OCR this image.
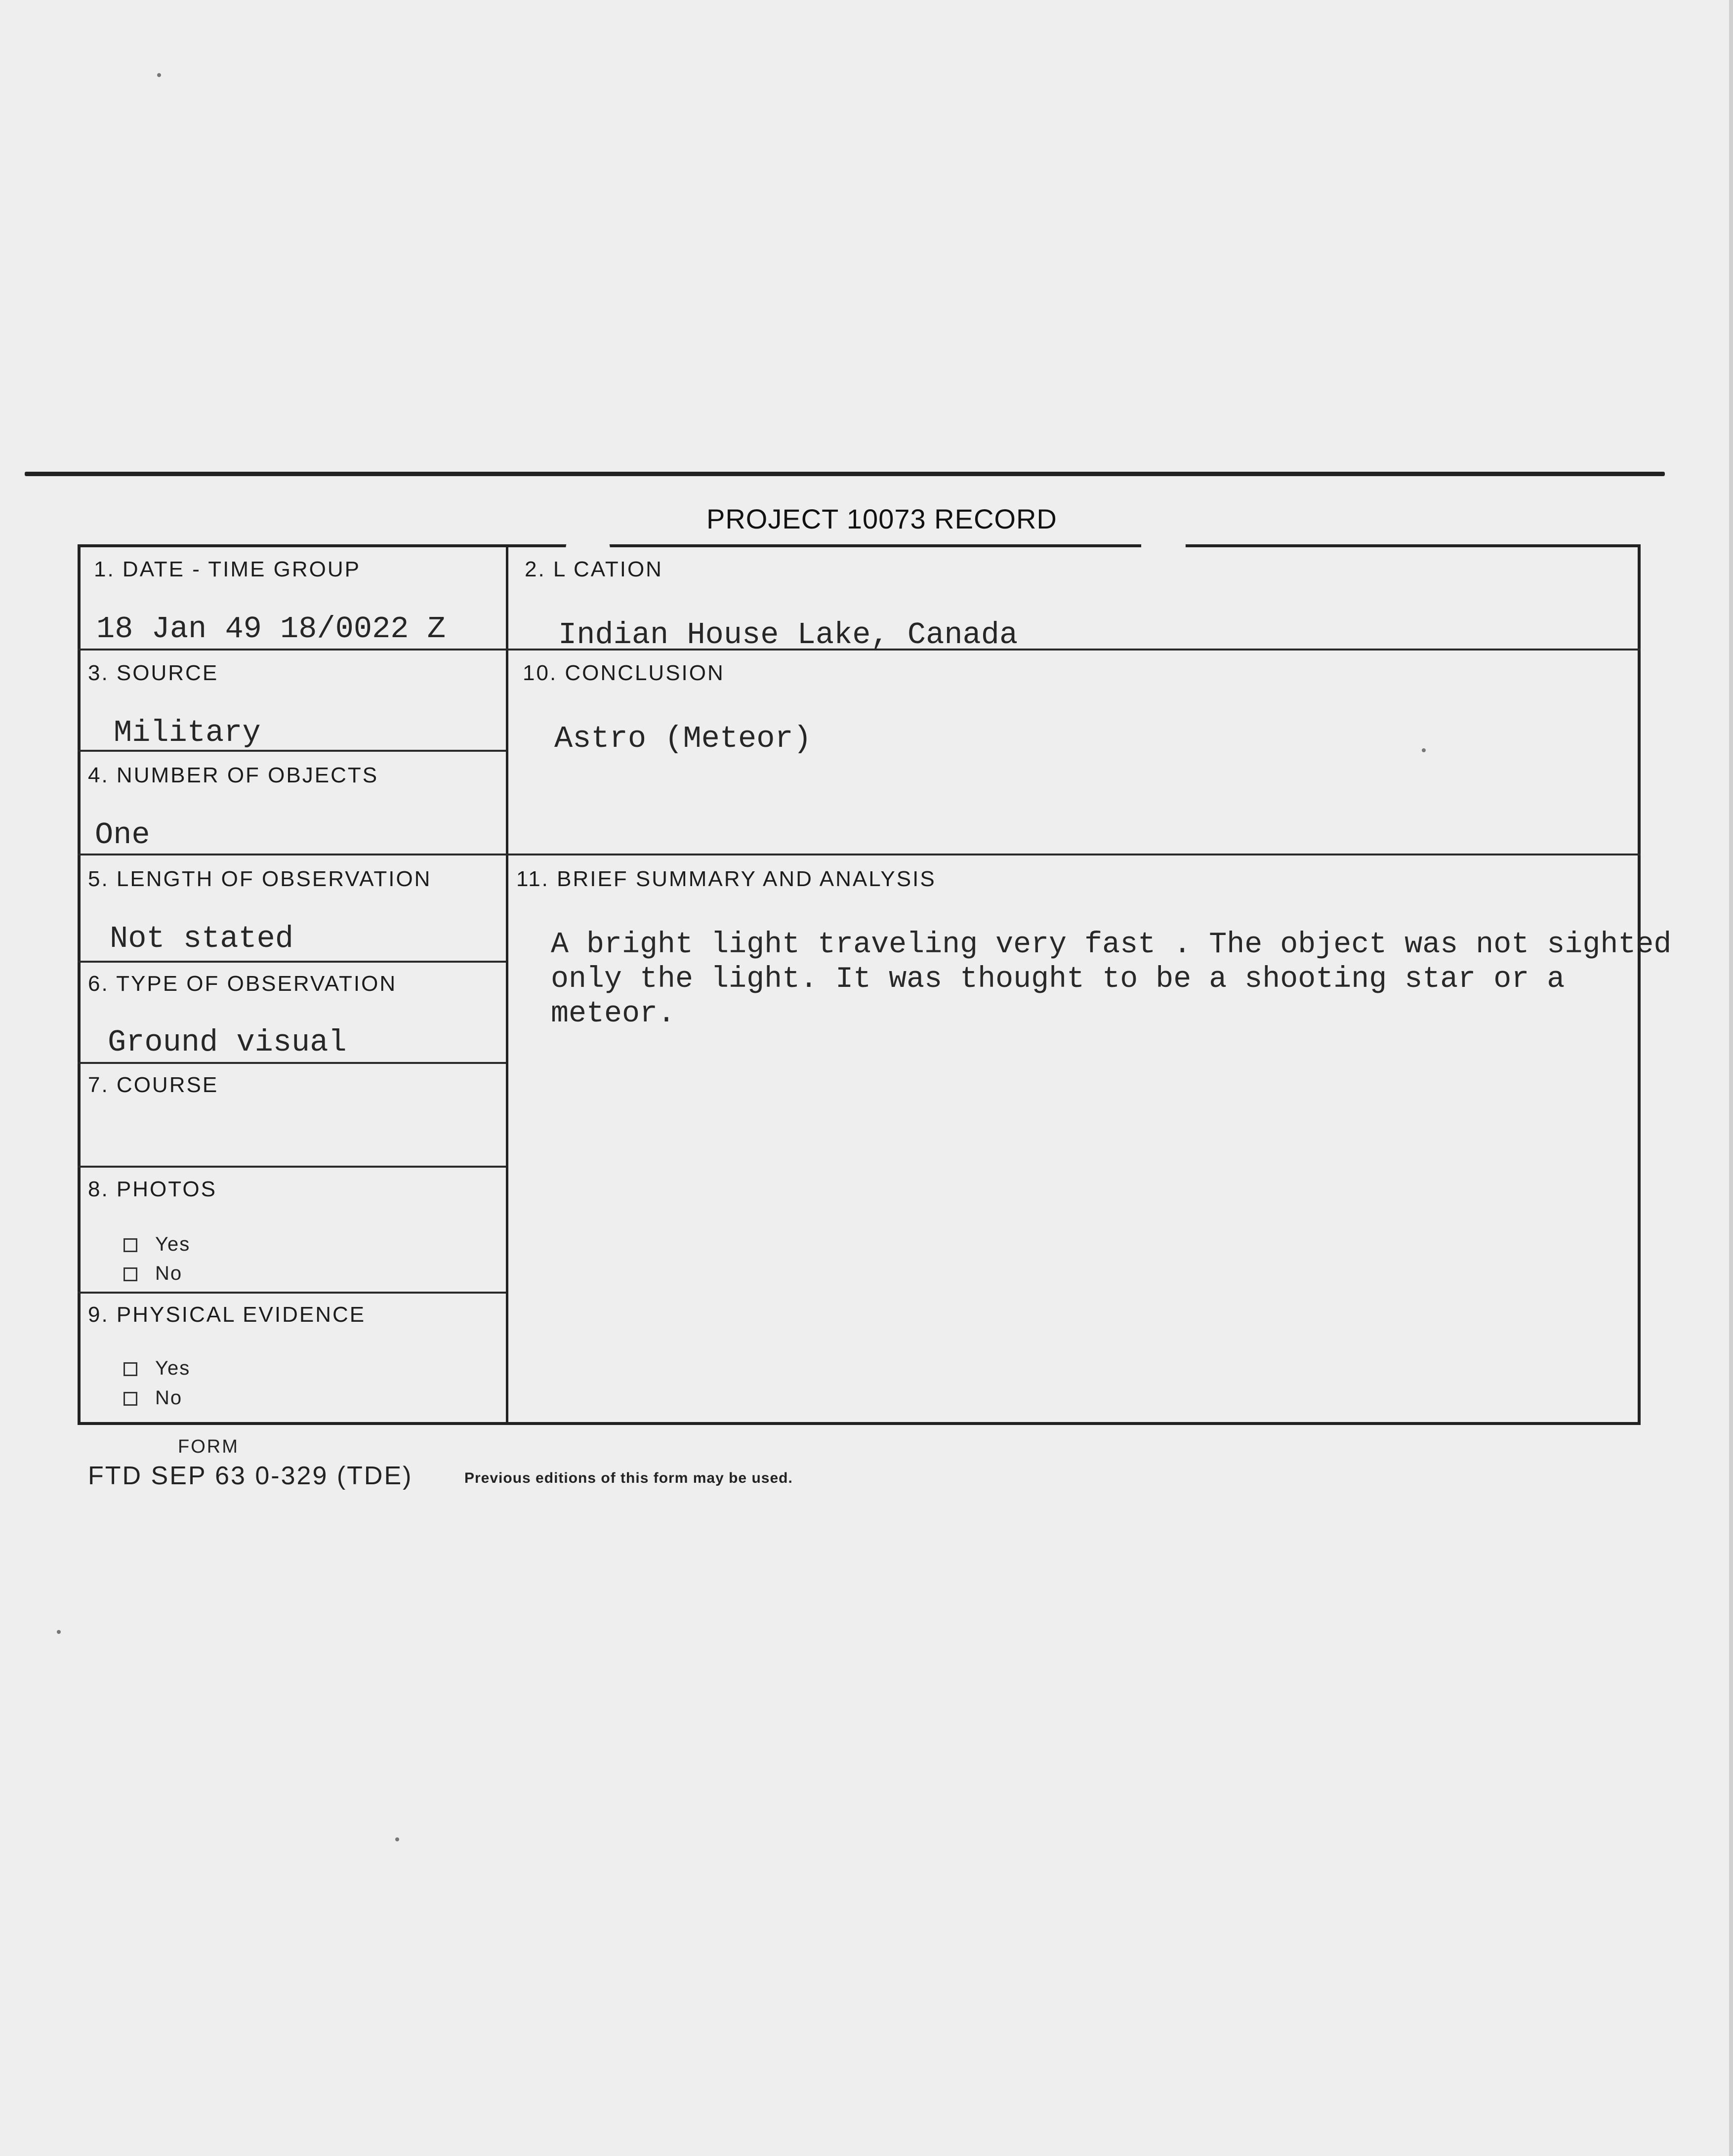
PROJECT 10073 RECORD
1. DATE - TIME GROUP
18 Jan 49 18/0022 Z
2. L CATION
Indian House Lake, Canada
3. SOURCE
Military
10. CONCLUSION
Astro (Meteor)
4. NUMBER OF OBJECTS
One
5. LENGTH OF OBSERVATION
Not stated
11. BRIEF SUMMARY AND ANALYSIS
A bright light traveling very fast . The object was not sighted
only the light. It was thought to be a shooting star or a
meteor.
6. TYPE OF OBSERVATION
Ground visual
7. COURSE
8. PHOTOS
Yes
No
9. PHYSICAL EVIDENCE
Yes
No
FORM
FTD SEP 63 0-329 (TDE)	Previous editions of this form may be used.
